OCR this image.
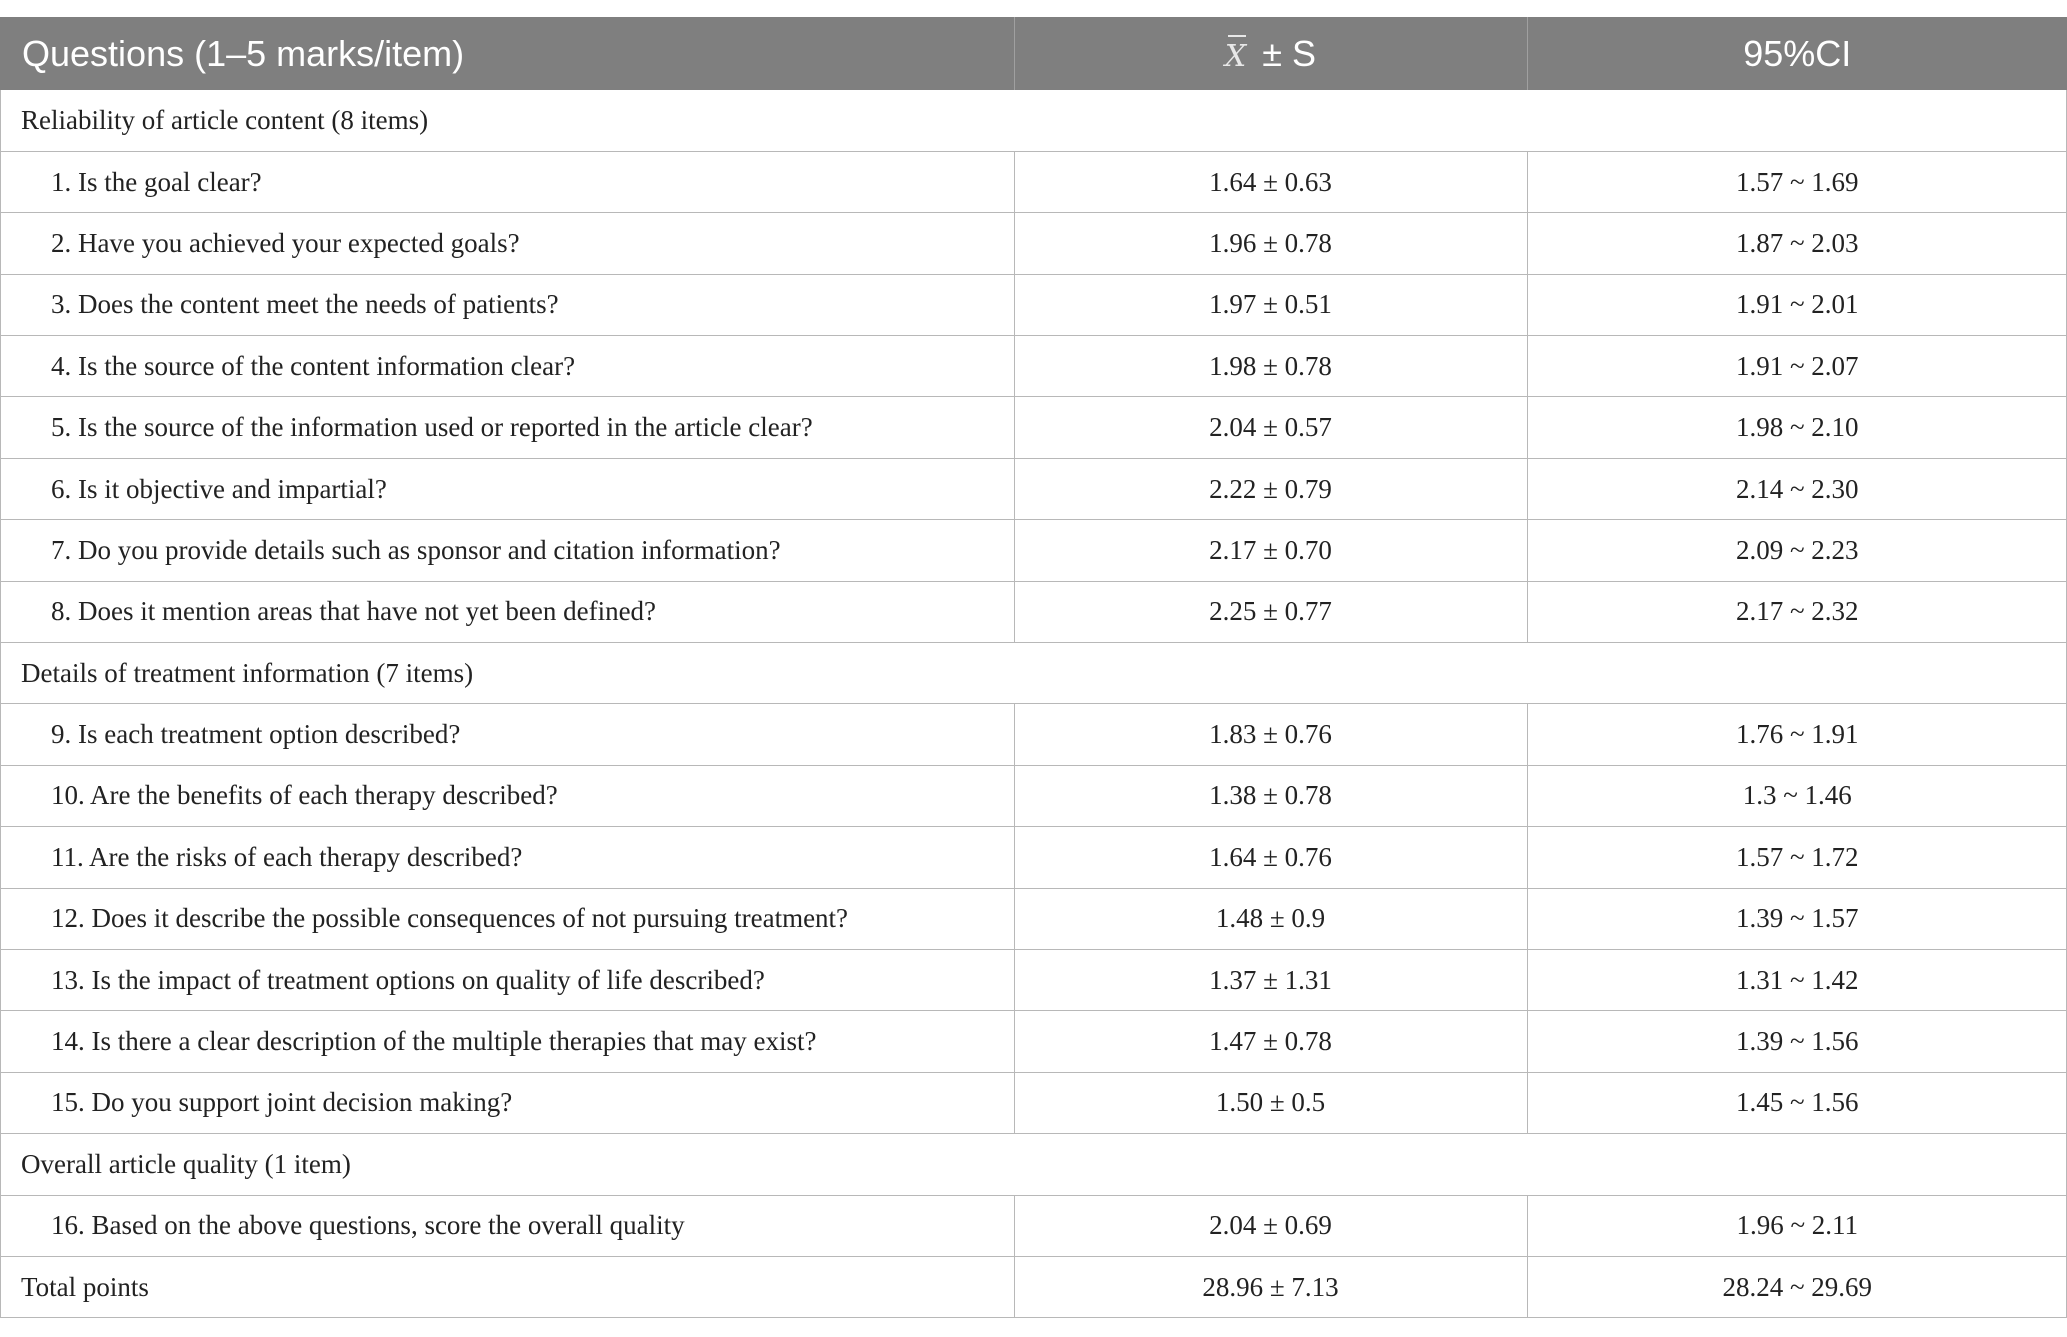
Questions (1–5 marks/item)	X ± S	95%CI
Reliability of article content (8 items)		
1. Is the goal clear?	1.64 ± 0.63	1.57 ~ 1.69
2. Have you achieved your expected goals?	1.96 ± 0.78	1.87 ~ 2.03
3. Does the content meet the needs of patients?	1.97 ± 0.51	1.91 ~ 2.01
4. Is the source of the content information clear?	1.98 ± 0.78	1.91 ~ 2.07
5. Is the source of the information used or reported in the article clear?	2.04 ± 0.57	1.98 ~ 2.10
6. Is it objective and impartial?	2.22 ± 0.79	2.14 ~ 2.30
7. Do you provide details such as sponsor and citation information?	2.17 ± 0.70	2.09 ~ 2.23
8. Does it mention areas that have not yet been defined?	2.25 ± 0.77	2.17 ~ 2.32
Details of treatment information (7 items)		
9. Is each treatment option described?	1.83 ± 0.76	1.76 ~ 1.91
10. Are the benefits of each therapy described?	1.38 ± 0.78	1.3 ~ 1.46
11. Are the risks of each therapy described?	1.64 ± 0.76	1.57 ~ 1.72
12. Does it describe the possible consequences of not pursuing treatment?	1.48 ± 0.9	1.39 ~ 1.57
13. Is the impact of treatment options on quality of life described?	1.37 ± 1.31	1.31 ~ 1.42
14. Is there a clear description of the multiple therapies that may exist?	1.47 ± 0.78	1.39 ~ 1.56
15. Do you support joint decision making?	1.50 ± 0.5	1.45 ~ 1.56
Overall article quality (1 item)		
16. Based on the above questions, score the overall quality	2.04 ± 0.69	1.96 ~ 2.11
Total points	28.96 ± 7.13	28.24 ~ 29.69
